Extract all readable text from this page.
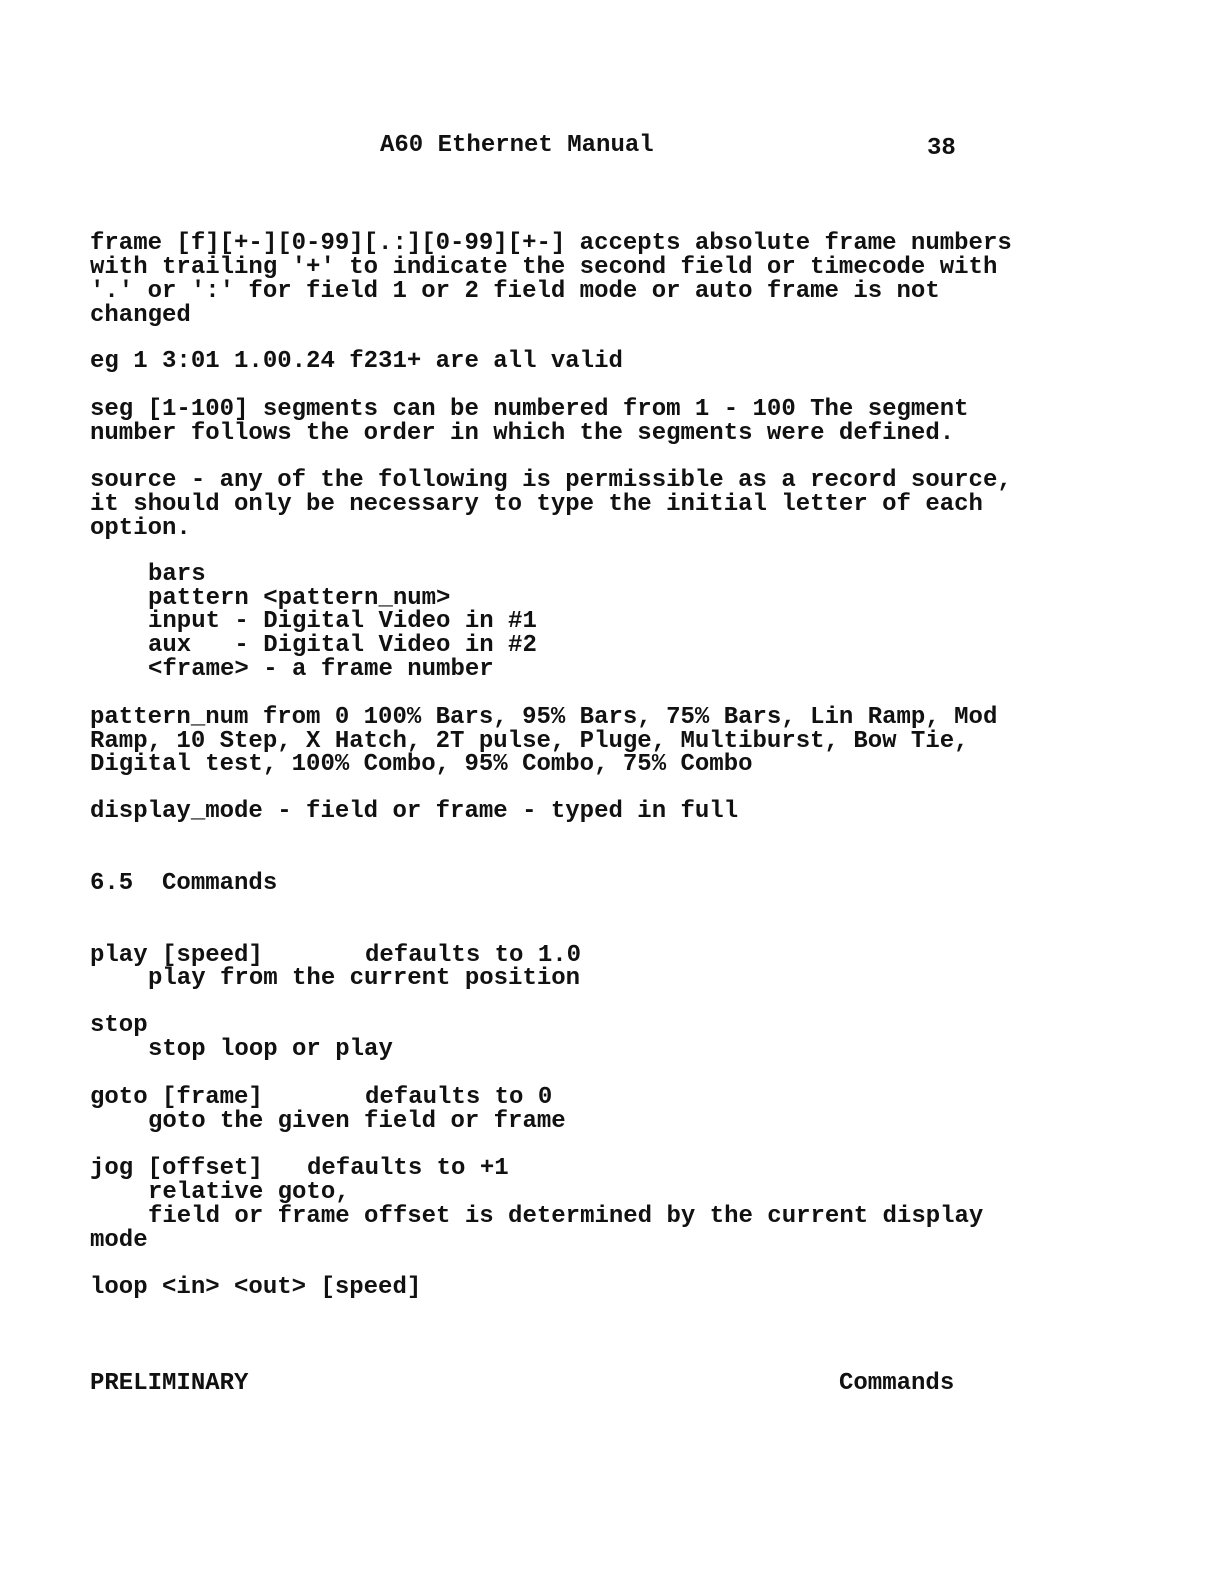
A60 Ethernet Manual	38
frame [f][+-][0-99][.:][0-99][+-] accepts absolute frame numbers
with trailing '+' to indicate the second field or timecode with
'.' or ':' for field 1 or 2 field mode or auto frame is not
changed
eg 1 3:01 1.00.24 f231+ are all valid
seg [1-100] segments can be numbered from 1 - 100 The segment
number follows the order in which the segments were defined.
source - any of the following is permissible as a record source,
it should only be necessary to type the initial letter of each
option.
bars
pattern <pattern_num>
input - Digital Video in #1
aux   - Digital Video in #2
<frame> - a frame number
pattern_num from 0 100% Bars, 95% Bars, 75% Bars, Lin Ramp, Mod
Ramp, 10 Step, X Hatch, 2T pulse, Pluge, Multiburst, Bow Tie,
Digital test, 100% Combo, 95% Combo, 75% Combo
display_mode - field or frame - typed in full
6.5  Commands
play [speed]	defaults to 1.0
play from the current position
stop
stop loop or play
goto [frame]	defaults to 0
goto the given field or frame
jog [offset] defaults to +1
relative goto,
field or frame offset is determined by the current display
mode
loop <in> <out> [speed]
PRELIMINARY	Commands
